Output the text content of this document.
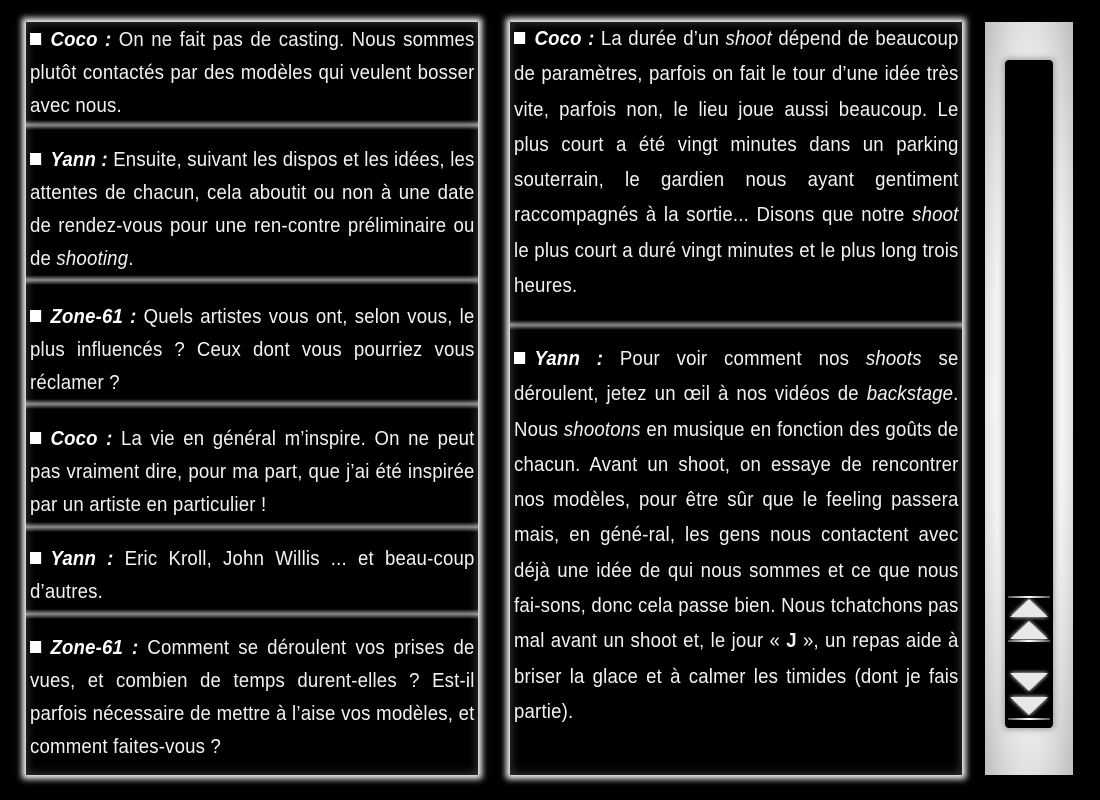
Coco : On ne fait pas de casting. Nous sommes plutôt contactés par des modèles qui veulent bosser avec nous.
Yann : Ensuite, suivant les dispos et les idées, les attentes de chacun, cela aboutit ou non à une date de rendez-vous pour une ren-contre préliminaire ou de shooting.
Zone-61 : Quels artistes vous ont, selon vous, le plus influencés ? Ceux dont vous pourriez vous réclamer ?
Coco : La vie en général m’inspire. On ne peut pas vraiment dire, pour ma part, que j’ai été inspirée par un artiste en particulier !
Yann : Eric Kroll, John Willis ... et beau-coup d’autres.
Zone-61 : Comment se déroulent vos prises de vues, et combien de temps durent-elles ? Est-il parfois nécessaire de mettre à l’aise vos modèles, et comment faites-vous ?
Coco : La durée d’un shoot dépend de beaucoup de paramètres, parfois on fait le tour d’une idée très vite, parfois non, le lieu joue aussi beaucoup. Le plus court a été vingt minutes dans un parking souterrain, le gardien nous ayant gentiment raccompagnés à la sortie... Disons que notre shoot le plus court a duré vingt minutes et le plus long trois heures.
Yann : Pour voir comment nos shoots se déroulent, jetez un œil à nos vidéos de backstage. Nous shootons en musique en fonction des goûts de chacun. Avant un shoot, on essaye de rencontrer nos modèles, pour être sûr que le feeling passera mais, en géné-ral, les gens nous contactent avec déjà une idée de qui nous sommes et ce que nous fai-sons, donc cela passe bien. Nous tchatchons pas mal avant un shoot et, le jour « J », un repas aide à briser la glace et à calmer les timides (dont je fais partie).
